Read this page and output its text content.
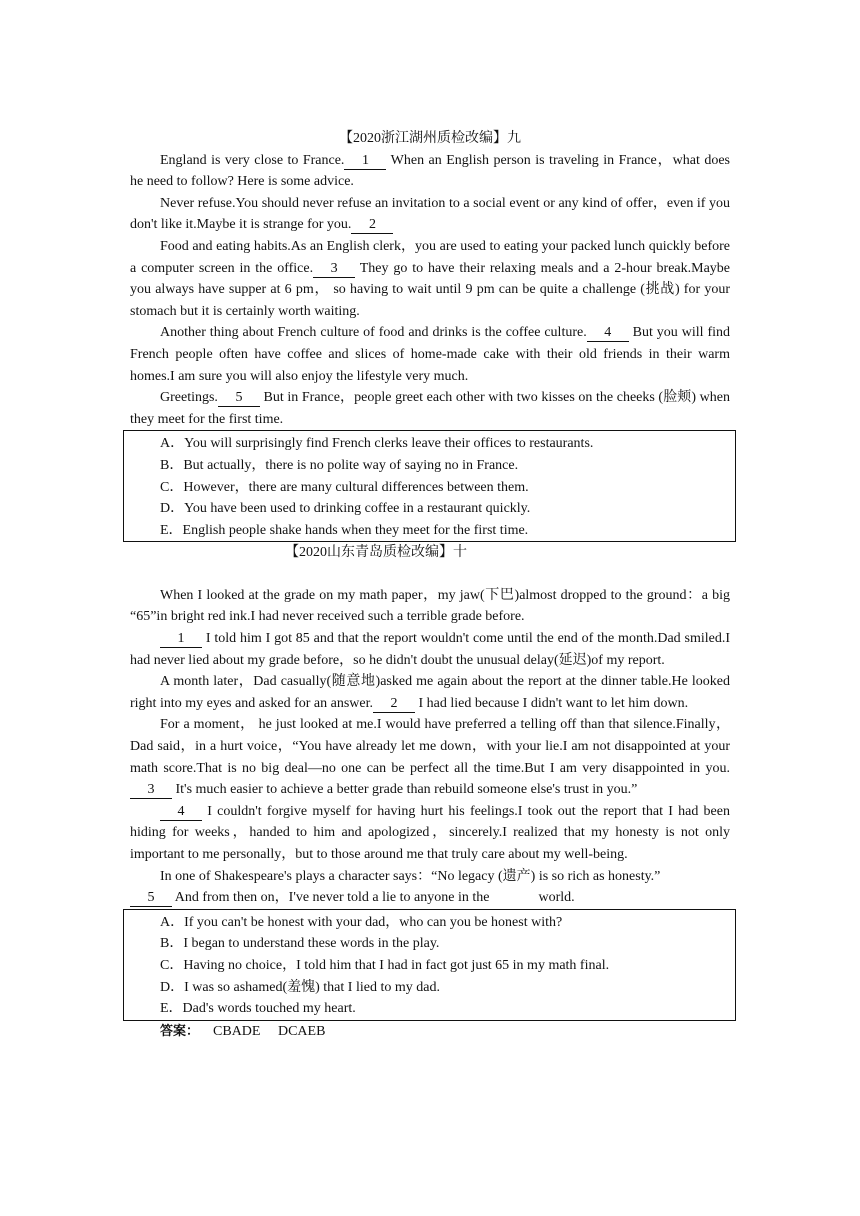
【2020浙江湖州质检改编】九

England is very close to France. 1 When an English person is traveling in France，what does he need to follow? Here is some advice.

Never refuse.You should never refuse an invitation to a social event or any kind of offer，even if you don't like it.Maybe it is strange for you. 2

Food and eating habits.As an English clerk，you are used to eating your packed lunch quickly before a computer screen in the office. 3 They go to have their relaxing meals and a 2-hour break.Maybe you always have supper at 6 pm， so having to wait until 9 pm can be quite a challenge (挑战) for your stomach but it is certainly worth waiting.

Another thing about French culture of food and drinks is the coffee culture. 4 But you will find French people often have coffee and slices of home-made cake with their old friends in their warm homes.I am sure you will also enjoy the lifestyle very much.

Greetings. 5 But in France，people greet each other with two kisses on the cheeks (脸颊) when they meet for the first time.

A．You will surprisingly find French clerks leave their offices to restaurants.

B．But actually，there is no polite way of saying no in France.

C．However，there are many cultural differences between them.

D．You have been used to drinking coffee in a restaurant quickly.

E．English people shake hands when they meet for the first time.

【2020山东青岛质检改编】十

When I looked at the grade on my math paper，my jaw(下巴)almost dropped to the ground：a big “65”in bright red ink.I had never received such a terrible grade before.

1 I told him I got 85 and that the report wouldn't come until the end of the month.Dad smiled.I had never lied about my grade before，so he didn't doubt the unusual delay(延迟)of my report.

A month later，Dad casually(随意地)asked me again about the report at the dinner table.He looked right into my eyes and asked for an answer. 2 I had lied because I didn't want to let him down.

For a moment， he just looked at me.I would have preferred a telling off than that silence.Finally，Dad said，in a hurt voice，“You have already let me down，with your lie.I am not disappointed at your math score.That is no big deal—no one can be perfect all the time.But I am very disappointed in you.3 It's much easier to achieve a better grade than rebuild someone else's trust in you.”

4 I couldn't forgive myself for having hurt his feelings.I took out the report that I had been hiding for weeks，handed to him and apologized，sincerely.I realized that my honesty is not only important to me personally，but to those around me that truly care about my well-being.

In one of Shakespeare's plays a character says：“No legacy (遗产) is so rich as honesty.”

5 And from then on，I've never told a lie to anyone in the	world.

A．If you can't be honest with your dad，who can you be honest with?

B．I began to understand these words in the play.

C．Having no choice，I told him that I had in fact got just 65 in my math final.

D．I was so ashamed(羞愧) that I lied to my dad.

E．Dad's words touched my heart.

答案： CBADE DCAEB
